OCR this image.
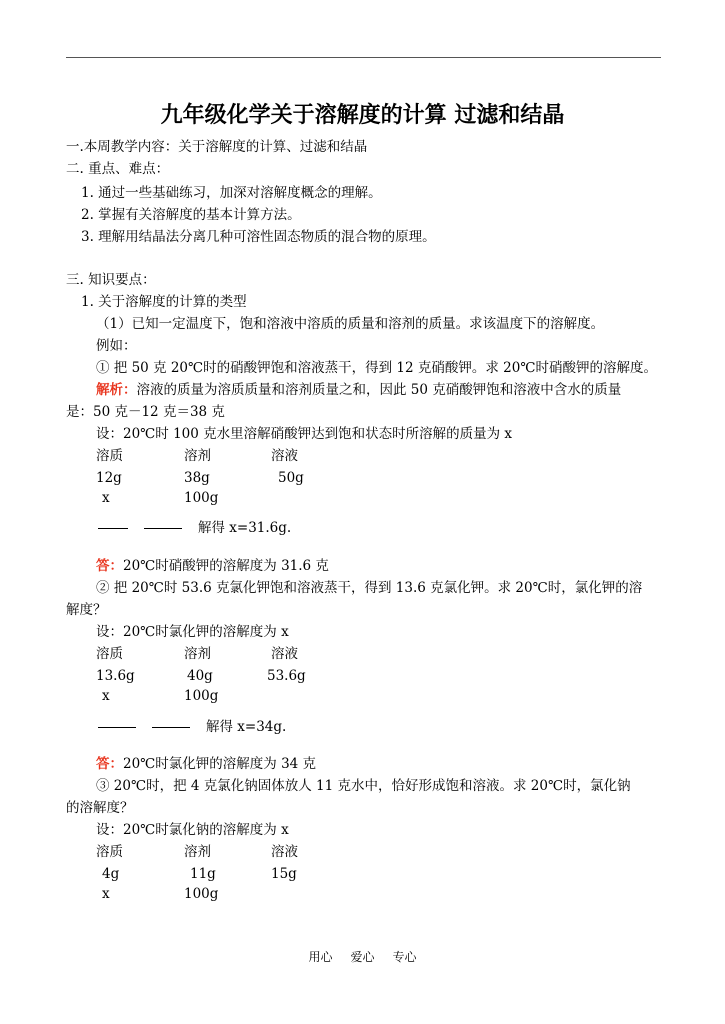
九年级化学关于溶解度的计算 过滤和结晶
一.本周教学内容：关于溶解度的计算、过滤和结晶
二. 重点、难点：
1. 通过一些基础练习，加深对溶解度概念的理解。
2. 掌握有关溶解度的基本计算方法。
3. 理解用结晶法分离几种可溶性固态物质的混合物的原理。
三. 知识要点：
1. 关于溶解度的计算的类型
（1）已知一定温度下，饱和溶液中溶质的质量和溶剂的质量。求该温度下的溶解度。
例如：
① 把 50 克 20℃时的硝酸钾饱和溶液蒸干，得到 12 克硝酸钾。求 20℃时硝酸钾的溶解度。
解析：溶液的质量为溶质质量和溶剂质量之和，因此 50 克硝酸钾饱和溶液中含水的质量
是：50 克－12 克＝38 克
设：20℃时 100 克水里溶解硝酸钾达到饱和状态时所溶解的质量为 x
溶质	溶剂	溶液
12g	38g	50g
x	100g
解得 x=31.6g.
答：20℃时硝酸钾的溶解度为 31.6 克
② 把 20℃时 53.6 克氯化钾饱和溶液蒸干，得到 13.6 克氯化钾。求 20℃时，氯化钾的溶
解度？
设：20℃时氯化钾的溶解度为 x
溶质	溶剂	溶液
13.6g	40g	53.6g
x	100g
解得 x=34g.
答：20℃时氯化钾的溶解度为 34 克
③ 20℃时，把 4 克氯化钠固体放人 11 克水中，恰好形成饱和溶液。求 20℃时，氯化钠
的溶解度？
设：20℃时氯化钠的溶解度为 x
溶质	溶剂	溶液
4g	11g	15g
x	100g
用心 爱心 专心
